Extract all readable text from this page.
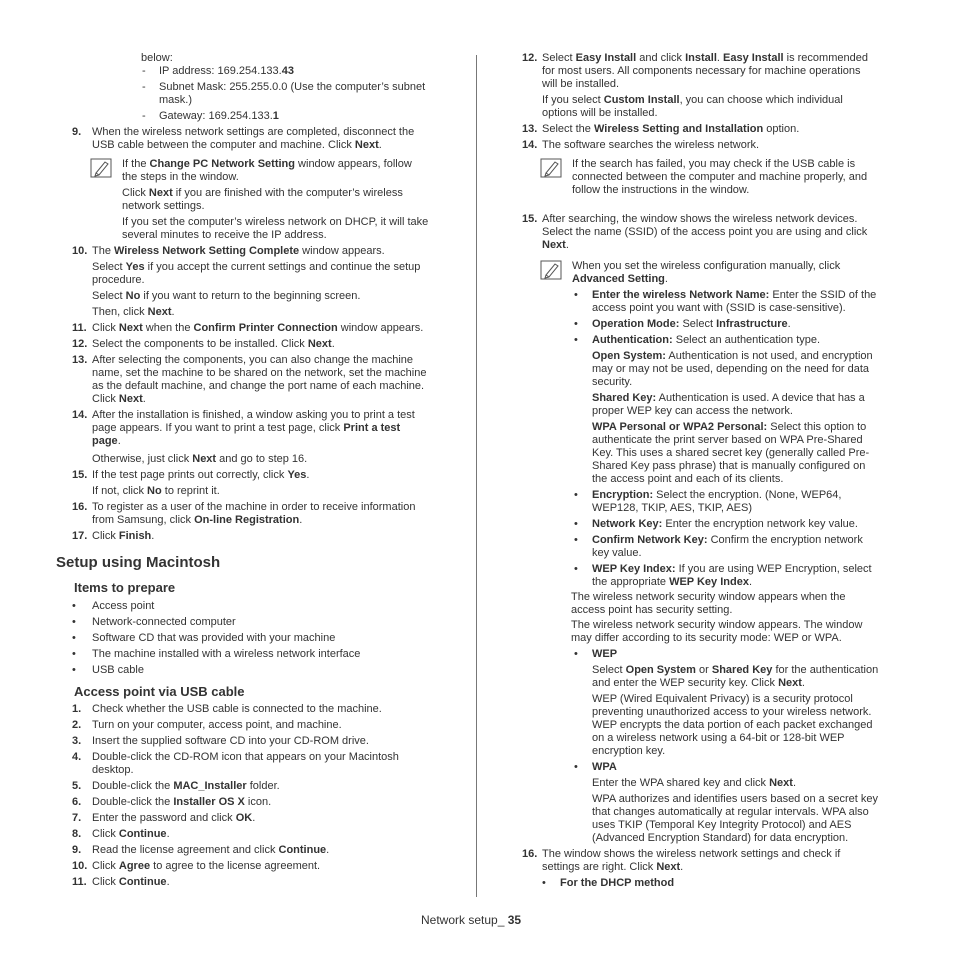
below:

- IP address: 169.254.133.43

- Subnet Mask: 255.255.0.0 (Use the computer’s subnet
mask.)

- Gateway: 169.254.133.1

9. When the wireless network settings are completed, disconnect the
USB cable between the computer and machine. Click Next.

If the Change PC Network Setting window appears, follow
the steps in the window.

Click Next if you are finished with the computer’s wireless
network settings.

If you set the computer’s wireless network on DHCP, it will take
several minutes to receive the IP address.

10. The Wireless Network Setting Complete window appears.

Select Yes if you accept the current settings and continue the setup
procedure.

Select No if you want to return to the beginning screen.

Then, click Next.

11. Click Next when the Confirm Printer Connection window appears.

12. Select the components to be installed. Click Next.

13. After selecting the components, you can also change the machine
name, set the machine to be shared on the network, set the machine
as the default machine, and change the port name of each machine.
Click Next.

14. After the installation is finished, a window asking you to print a test
page appears. If you want to print a test page, click Print a test
page.

Otherwise, just click Next and go to step 16.

15. If the test page prints out correctly, click Yes.

If not, click No to reprint it.

16. To register as a user of the machine in order to receive information
from Samsung, click On-line Registration.

17. Click Finish.

Setup using Macintosh
Items to prepare

• Access point

• Network-connected computer

• Software CD that was provided with your machine

• The machine installed with a wireless network interface

• USB cable

Access point via USB cable

1. Check whether the USB cable is connected to the machine.

2. Turn on your computer, access point, and machine.

3. Insert the supplied software CD into your CD-ROM drive.

4. Double-click the CD-ROM icon that appears on your Macintosh
desktop.

5. Double-click the MAC_Installer folder.

6. Double-click the Installer OS X icon.

7. Enter the password and click OK.

8. Click Continue.

9. Read the license agreement and click Continue.

10. Click Agree to agree to the license agreement.

11. Click Continue.

12. Select Easy Install and click Install. Easy Install is recommended
for most users. All components necessary for machine operations
will be installed.

If you select Custom Install, you can choose which individual
options will be installed.

13. Select the Wireless Setting and Installation option.

14. The software searches the wireless network.

If the search has failed, you may check if the USB cable is
connected between the computer and machine properly, and
follow the instructions in the window.

15. After searching, the window shows the wireless network devices.
Select the name (SSID) of the access point you are using and click
Next.

When you set the wireless configuration manually, click
Advanced Setting.

• Enter the wireless Network Name: Enter the SSID of the
access point you want with (SSID is case-sensitive).

• Operation Mode: Select Infrastructure.

• Authentication: Select an authentication type.

Open System: Authentication is not used, and encryption
may or may not be used, depending on the need for data
security.

Shared Key: Authentication is used. A device that has a
proper WEP key can access the network.

WPA Personal or WPA2 Personal: Select this option to
authenticate the print server based on WPA Pre-Shared
Key. This uses a shared secret key (generally called Pre-
Shared Key pass phrase) that is manually configured on
the access point and each of its clients.

• Encryption: Select the encryption. (None, WEP64,
WEP128, TKIP, AES, TKIP, AES)

• Network Key: Enter the encryption network key value.

• Confirm Network Key: Confirm the encryption network
key value.

• WEP Key Index: If you are using WEP Encryption, select
the appropriate WEP Key Index.

The wireless network security window appears when the
access point has security setting.

The wireless network security window appears. The window
may differ according to its security mode: WEP or WPA.

• WEP

Select Open System or Shared Key for the authentication
and enter the WEP security key. Click Next.

WEP (Wired Equivalent Privacy) is a security protocol
preventing unauthorized access to your wireless network.
WEP encrypts the data portion of each packet exchanged
on a wireless network using a 64-bit or 128-bit WEP
encryption key.

• WPA

Enter the WPA shared key and click Next.

WPA authorizes and identifies users based on a secret key
that changes automatically at regular intervals. WPA also
uses TKIP (Temporal Key Integrity Protocol) and AES
(Advanced Encryption Standard) for data encryption.

16. The window shows the wireless network settings and check if
settings are right. Click Next.

• For the DHCP method

Network setup_ 35
